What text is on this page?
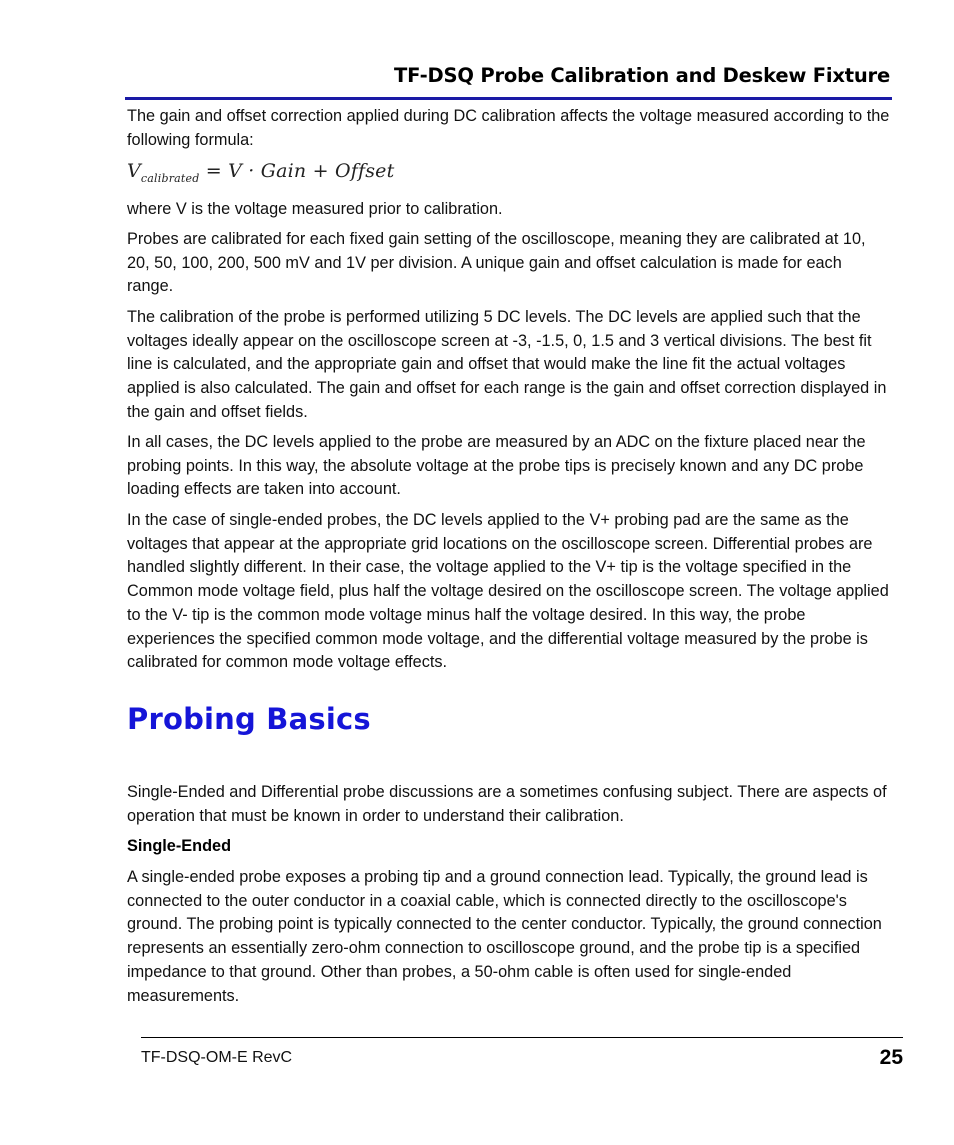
TF-DSQ Probe Calibration and Deskew Fixture

The gain and offset correction applied during DC calibration affects the voltage measured according to the following formula:

$V_{calibrated} = V$ · Gain + Offset

where V is the voltage measured prior to calibration.

Probes are calibrated for each fixed gain setting of the oscilloscope, meaning they are calibrated at 10, 20, 50, 100, 200, 500 mV and 1V per division. A unique gain and offset calculation is made for each range.

The calibration of the probe is performed utilizing 5 DC levels. The DC levels are applied such that the voltages ideally appear on the oscilloscope screen at -3, -1.5, 0, 1.5 and 3 vertical divisions. The best fit line is calculated, and the appropriate gain and offset that would make the line fit the actual voltages applied is also calculated. The gain and offset for each range is the gain and offset correction displayed in the gain and offset fields.

In all cases, the DC levels applied to the probe are measured by an ADC on the fixture placed near the probing points. In this way, the absolute voltage at the probe tips is precisely known and any DC probe loading effects are taken into account.

In the case of single-ended probes, the DC levels applied to the V+ probing pad are the same as the voltages that appear at the appropriate grid locations on the oscilloscope screen. Differential probes are handled slightly different. In their case, the voltage applied to the V+ tip is the voltage specified in the Common mode voltage field, plus half the voltage desired on the oscilloscope screen. The voltage applied to the V- tip is the common mode voltage minus half the voltage desired. In this way, the probe experiences the specified common mode voltage, and the differential voltage measured by the probe is calibrated for common mode voltage effects.

Probing Basics

Single-Ended and Differential probe discussions are a sometimes confusing subject. There are aspects of operation that must be known in order to understand their calibration.

Single-Ended

A single-ended probe exposes a probing tip and a ground connection lead. Typically, the ground lead is connected to the outer conductor in a coaxial cable, which is connected directly to the oscilloscope's ground. The probing point is typically connected to the center conductor. Typically, the ground connection represents an essentially zero-ohm connection to oscilloscope ground, and the probe tip is a specified impedance to that ground. Other than probes, a 50-ohm cable is often used for single-ended measurements.

TF-DSQ-OM-E RevC	25
